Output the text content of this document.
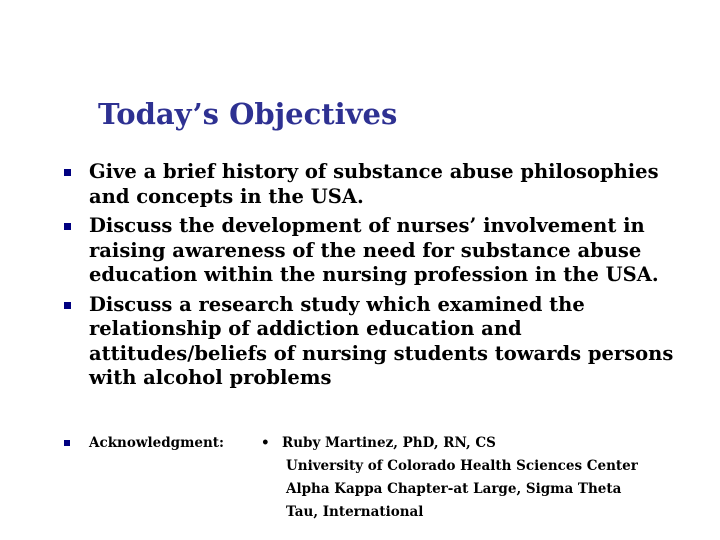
Today’s Objectives
Give a brief history of substance abuse philosophies and concepts in the USA.
Discuss the development of nurses’ involvement in raising awareness of the need for substance abuse education within the nursing profession in the USA.
Discuss a research study which examined the relationship of addiction education and attitudes/beliefs of nursing students towards persons with alcohol problems
Acknowledgment:	• Ruby Martinez, PhD, RN, CS
University of Colorado Health Sciences Center
Alpha Kappa Chapter-at Large, Sigma Theta
Tau, International
